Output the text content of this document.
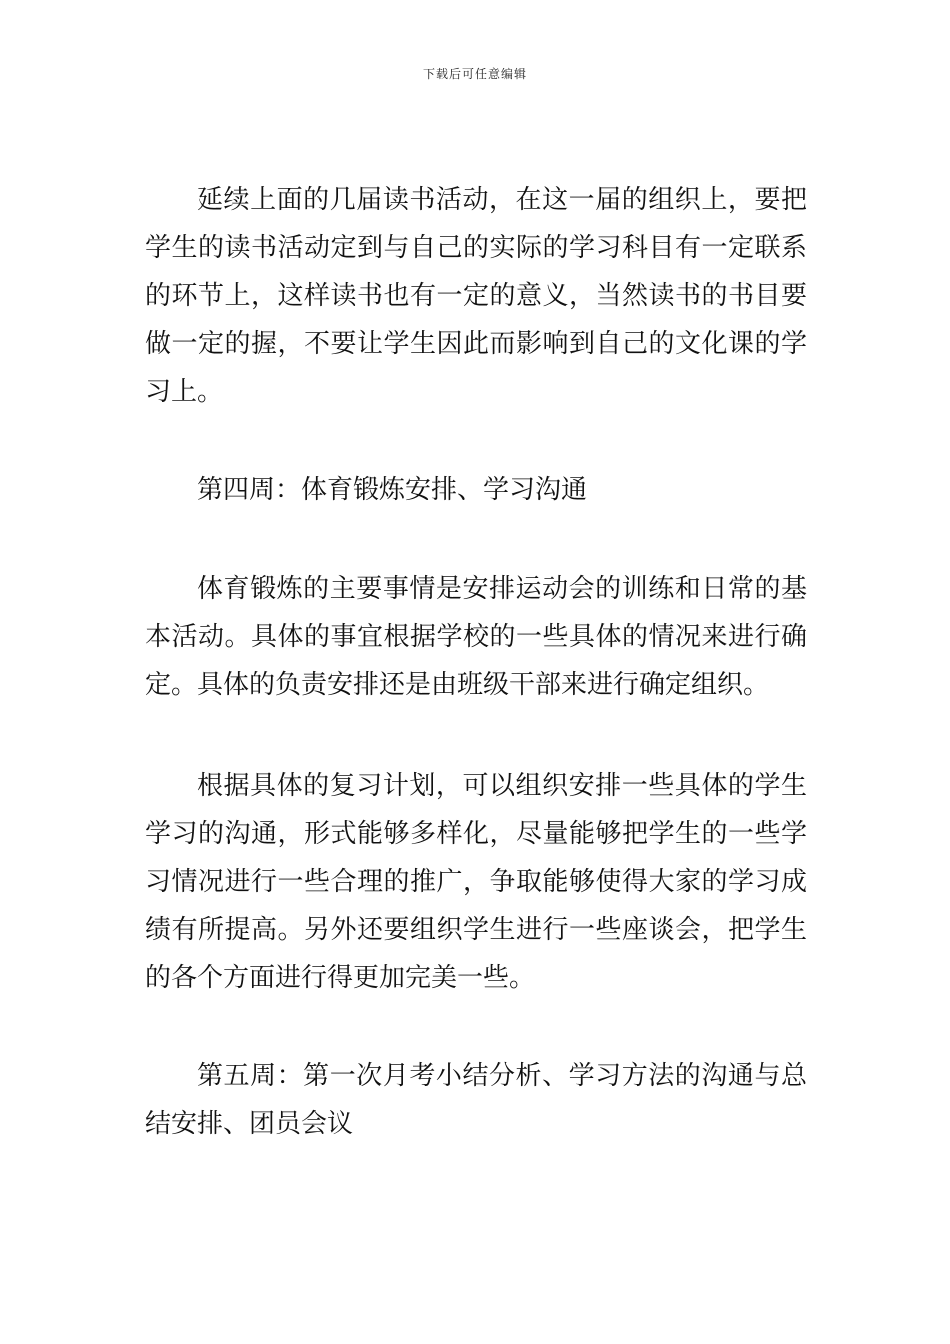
下载后可任意编辑

延续上面的几届读书活动，在这一届的组织上，要把学生的读书活动定到与自己的实际的学习科目有一定联系的环节上，这样读书也有一定的意义，当然读书的书目要做一定的握，不要让学生因此而影响到自己的文化课的学习上。

第四周：体育锻炼安排、学习沟通

体育锻炼的主要事情是安排运动会的训练和日常的基本活动。具体的事宜根据学校的一些具体的情况来进行确定。具体的负责安排还是由班级干部来进行确定组织。

根据具体的复习计划，可以组织安排一些具体的学生学习的沟通，形式能够多样化，尽量能够把学生的一些学习情况进行一些合理的推广，争取能够使得大家的学习成绩有所提高。另外还要组织学生进行一些座谈会，把学生的各个方面进行得更加完美一些。

第五周：第一次月考小结分析、学习方法的沟通与总结安排、团员会议
